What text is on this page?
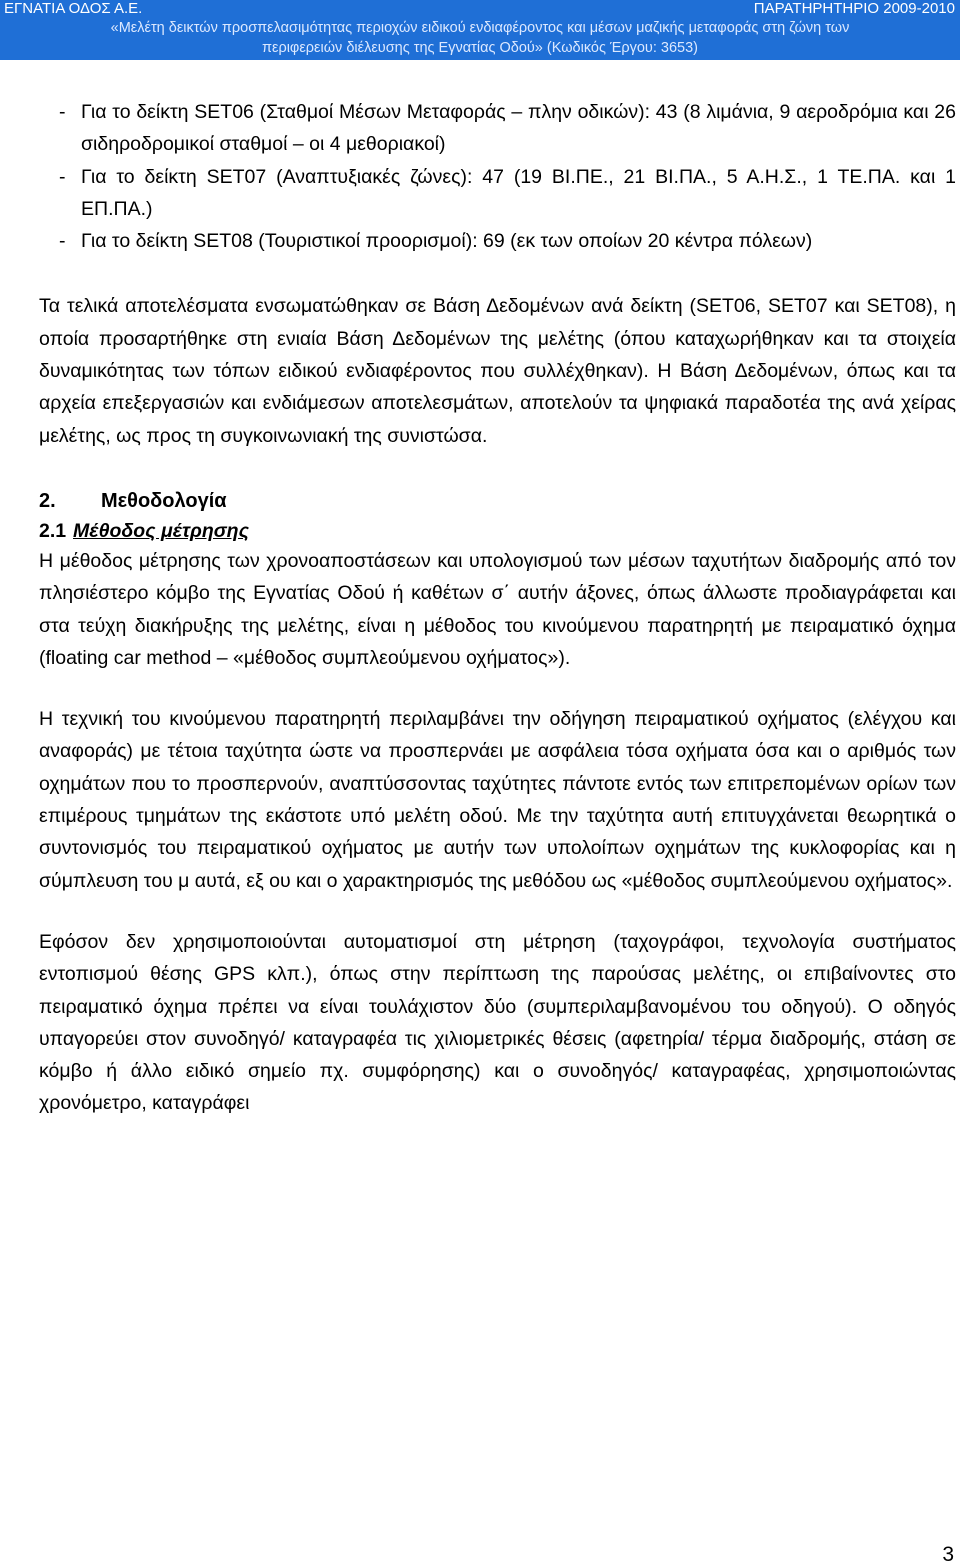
ΕΓΝΑΤΙΑ ΟΔΟΣ Α.Ε.	ΠΑΡΑΤΗΡΗΤΗΡΙΟ 2009-2010
«Μελέτη δεικτών προσπελασιμότητας περιοχών ειδικού ενδιαφέροντος και μέσων μαζικής μεταφοράς στη ζώνη των
περιφερειών διέλευσης της Εγνατίας Οδού» (Κωδικός Έργου: 3653)
- Για το δείκτη SET06 (Σταθμοί Μέσων Μεταφοράς – πλην οδικών): 43 (8 λιμάνια, 9 αεροδρόμια και 26 σιδηροδρομικοί σταθμοί – οι 4 μεθοριακοί)
- Για το δείκτη SET07 (Αναπτυξιακές ζώνες): 47 (19 ΒΙ.ΠΕ., 21 ΒΙ.ΠΑ., 5 Α.Η.Σ., 1 ΤΕ.ΠΑ. και 1 ΕΠ.ΠΑ.)
- Για το δείκτη SET08 (Τουριστικοί προορισμοί): 69 (εκ των οποίων 20 κέντρα πόλεων)

Τα τελικά αποτελέσματα ενσωματώθηκαν σε Βάση Δεδομένων ανά δείκτη (SET06, SET07 και SET08), η οποία προσαρτήθηκε στη ενιαία Βάση Δεδομένων της μελέτης (όπου καταχωρήθηκαν και τα στοιχεία δυναμικότητας των τόπων ειδικού ενδιαφέροντος που συλλέχθηκαν). Η Βάση Δεδομένων, όπως και τα αρχεία επεξεργασιών και ενδιάμεσων αποτελεσμάτων, αποτελούν τα ψηφιακά παραδοτέα της ανά χείρας μελέτης, ως προς τη συγκοινωνιακή της συνιστώσα.

2.	Μεθοδολογία
2.1 Μέθοδος μέτρησης

Η μέθοδος μέτρησης των χρονοαποστάσεων και υπολογισμού των μέσων ταχυτήτων διαδρομής από τον πλησιέστερο κόμβο της Εγνατίας Οδού ή καθέτων σ΄ αυτήν άξονες, όπως άλλωστε προδιαγράφεται και στα τεύχη διακήρυξης της μελέτης, είναι η μέθοδος του κινούμενου παρατηρητή με πειραματικό όχημα (floating car method – «μέθοδος συμπλεούμενου οχήματος»).

Η τεχνική του κινούμενου παρατηρητή περιλαμβάνει την οδήγηση πειραματικού οχήματος (ελέγχου και αναφοράς) με τέτοια ταχύτητα ώστε να προσπερνάει με ασφάλεια τόσα οχήματα όσα και ο αριθμός των οχημάτων που το προσπερνούν, αναπτύσσοντας ταχύτητες πάντοτε εντός των επιτρεπομένων ορίων των επιμέρους τμημάτων της εκάστοτε υπό μελέτη οδού. Με την ταχύτητα αυτή επιτυγχάνεται θεωρητικά ο συντονισμός του πειραματικού οχήματος με αυτήν των υπολοίπων οχημάτων της κυκλοφορίας και η σύμπλευση του μ αυτά, εξ ου και ο χαρακτηρισμός της μεθόδου ως «μέθοδος συμπλεούμενου οχήματος».

Εφόσον δεν χρησιμοποιούνται αυτοματισμοί στη μέτρηση (ταχογράφοι, τεχνολογία συστήματος εντοπισμού θέσης GPS κλπ.), όπως στην περίπτωση της παρούσας μελέτης, οι επιβαίνοντες στο πειραματικό όχημα πρέπει να είναι τουλάχιστον δύο (συμπεριλαμβανομένου του οδηγού). Ο οδηγός υπαγορεύει στον συνοδηγό/ καταγραφέα τις χιλιομετρικές θέσεις (αφετηρία/ τέρμα διαδρομής, στάση σε κόμβο ή άλλο ειδικό σημείο πχ. συμφόρησης) και ο συνοδηγός/ καταγραφέας, χρησιμοποιώντας χρονόμετρο, καταγράφει

3
